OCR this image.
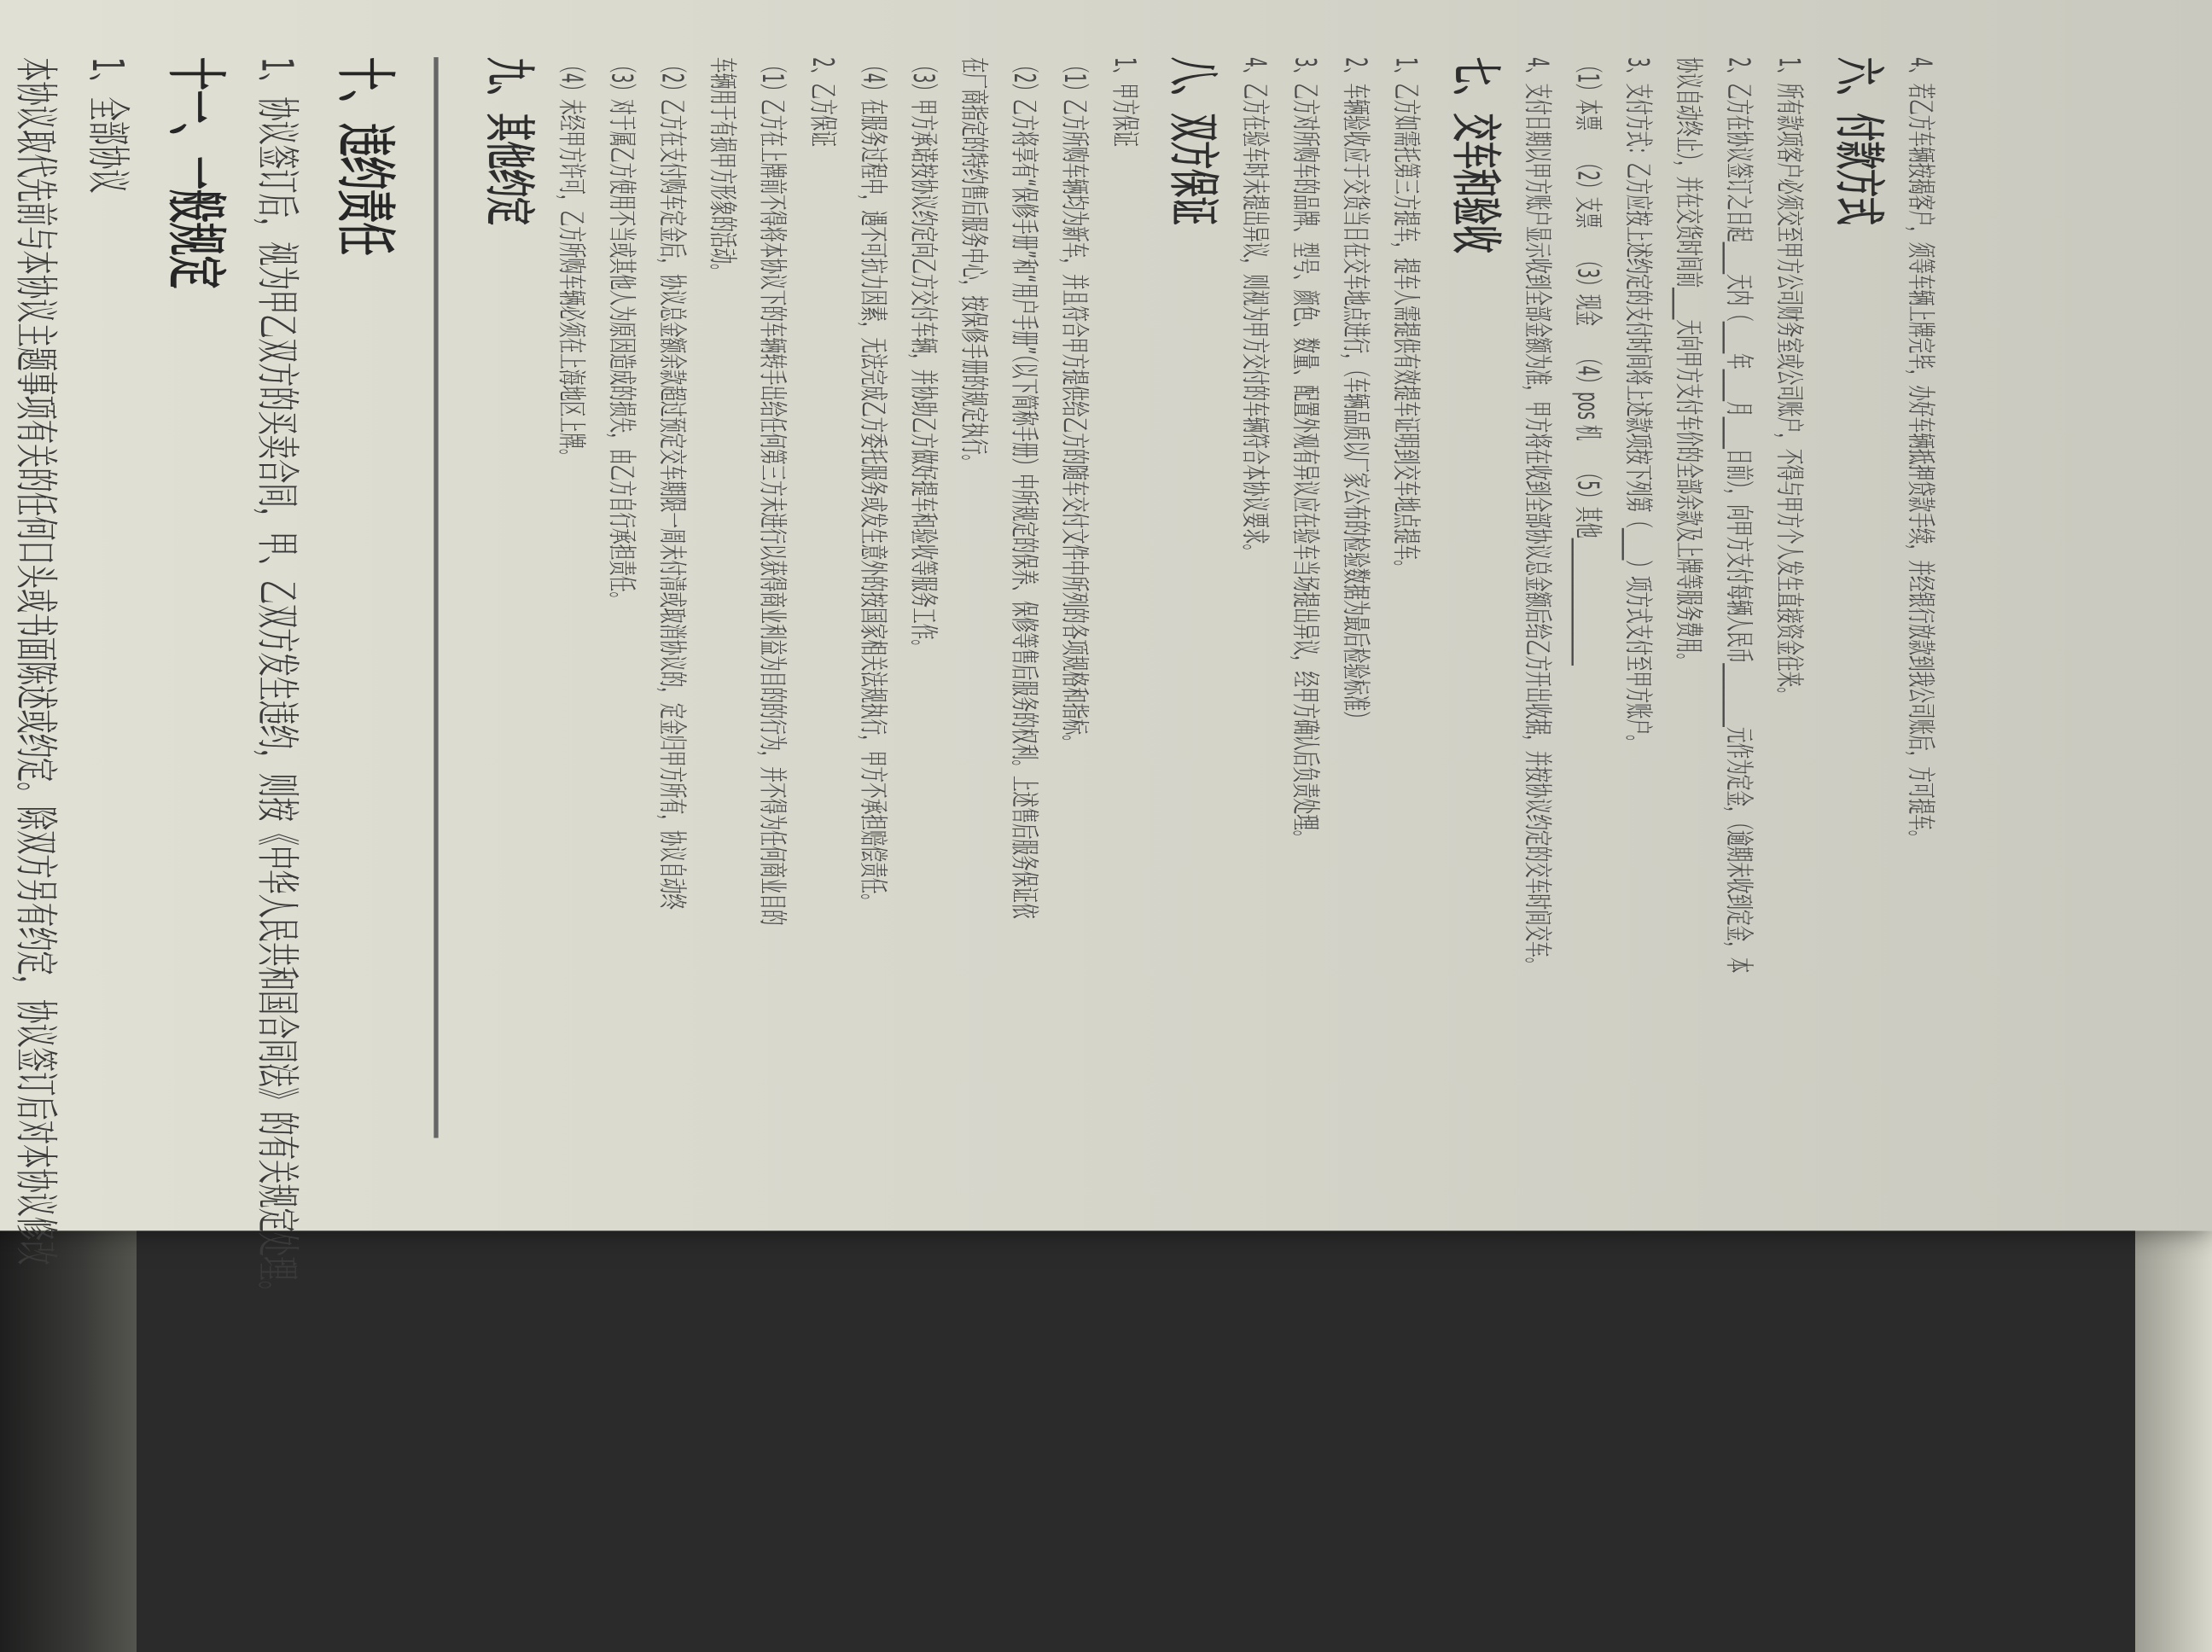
4、若乙方车辆按揭客户，须等车辆上牌完毕，办好车辆抵押贷款手续，并经银行放款到我公司账后，方可提车。
六、付款方式
1、所有款项客户必须交至甲方公司财务室或公司账户，不得与甲方个人发生直接资金往来。
2、乙方在协议签订之日起____天内（____年____月____日前），向甲方支付每辆人民币________元作为定金，（逾期未收到定金，本
协议自动终止），并在交货时间前____天向甲方支付车价的全部余款及上牌等服务费用。
3、支付方式：乙方应按上述约定的支付时间将上述款项按下列第（____）项方式支付至甲方账户。
（1）本票　　（2）支票　　（3）现金　　（4）pos 机　　（5）其他________________
4、支付日期以甲方账户显示收到全部金额为准，甲方将在收到全部协议总金额后给乙方开出收据，并按协议约定的交车时间交车。
七、交车和验收
1、乙方如需托第三方提车，提车人需提供有效提车证明到交车地点提车。
2、车辆验收应于交货当日在交车地点进行，（车辆品质以厂家公布的检验数据为最后检验标准）
3、乙方对所购车的品牌、型号、颜色、数量、配置外观有异议应在验车当场提出异议，经甲方确认后负责处理。
4、乙方在验车时未提出异议，则视为甲方交付的车辆符合本协议要求。
八、双方保证
1、甲方保证
（1）乙方所购车辆均为新车，并且符合甲方提供给乙方的随车交付文件中所列的各项规格和指标。
（2）乙方将享有“保修手册”和“用户手册”（以下简称手册）中所规定的保养、保修等售后服务的权利。上述售后服务保证依
在厂商指定的特约售后服务中心，按保修手册的规定执行。
（3）甲方承诺按协议约定向乙方交付车辆，并协助乙方做好提车和验收等服务工作。
（4）在服务过程中，遇不可抗力因素，无法完成乙方委托服务或发生意外的按国家相关法规执行，甲方不承担赔偿责任。
2、乙方保证
（1）乙方在上牌前不得将本协议下的车辆转手出给任何第三方未进行以获得商业利益为目的的行为，并不得为任何商业目的
车辆用于有损甲方形象的活动。
（2）乙方在支付购车定金后，协议总金额余款超过预定交车期限一周未付清或取消协议的，定金归甲方所有，协议自动终
（3）对于属乙方使用不当或其他人为原因造成的损失，由乙方自行承担责任。
（4）未经甲方许可，乙方所购车辆必须在上海地区上牌。
九、其他约定
十、违约责任
1、协议签订后，视为甲乙双方的买卖合同，甲、乙双方发生违约，则按《中华人民共和国合同法》的有关规定处理。
十一、一般规定
1、全部协议
本协议取代先前与本协议主题事项有关的任何口头或书面陈述或约定。除双方另有约定，协议签订后对本协议修改
